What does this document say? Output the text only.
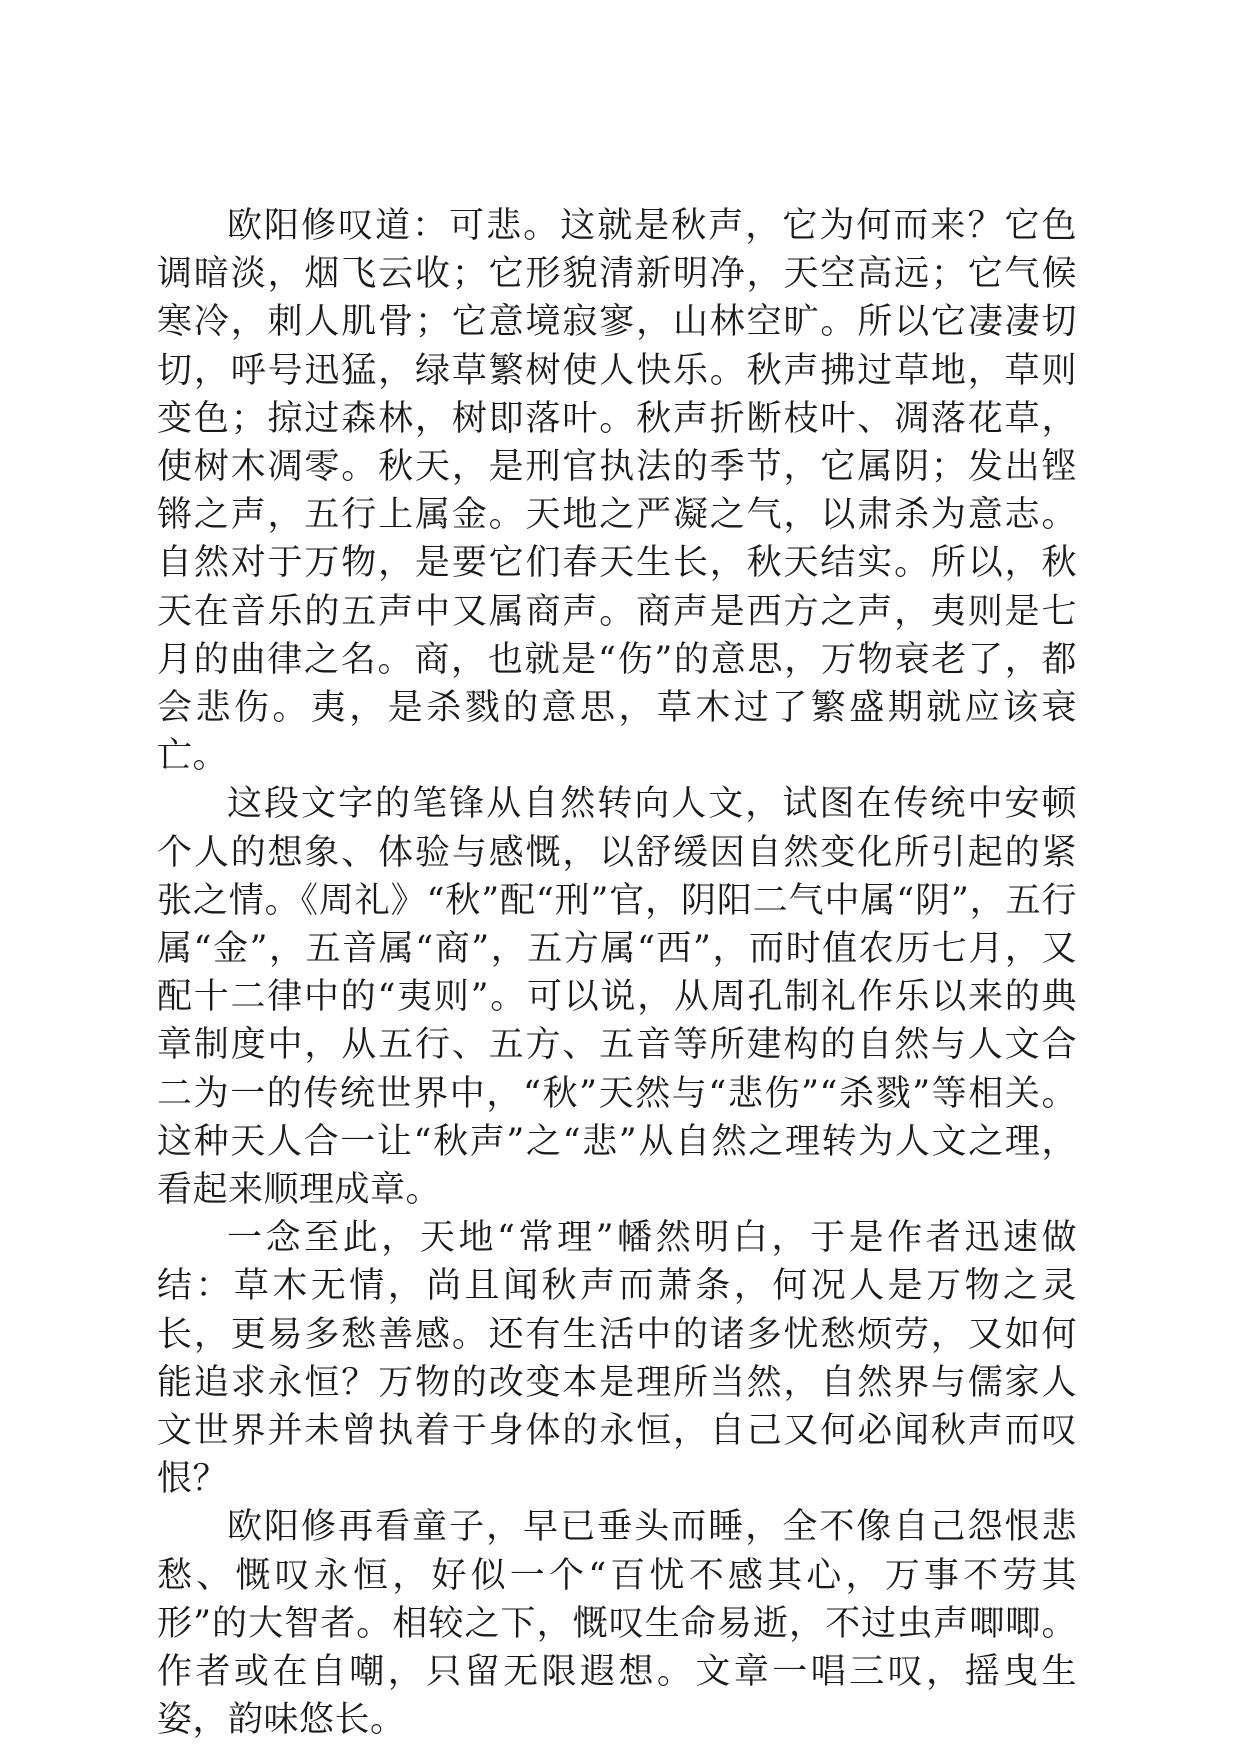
欧阳修叹道：可悲。这就是秋声，它为何而来？它色调暗淡，烟飞云收；它形貌清新明净，天空高远；它气候寒冷，刺人肌骨；它意境寂寥，山林空旷。所以它凄凄切切，呼号迅猛，绿草繁树使人快乐。秋声拂过草地，草则变色；掠过森林，树即落叶。秋声折断枝叶、凋落花草，使树木凋零。秋天，是刑官执法的季节，它属阴；发出铿锵之声，五行上属金。天地之严凝之气，以肃杀为意志。自然对于万物，是要它们春天生长，秋天结实。所以，秋天在音乐的五声中又属商声。商声是西方之声，夷则是七月的曲律之名。商，也就是“伤”的意思，万物衰老了，都会悲伤。夷，是杀戮的意思，草木过了繁盛期就应该衰亡。

这段文字的笔锋从自然转向人文，试图在传统中安顿个人的想象、体验与感慨，以舒缓因自然变化所引起的紧张之情。《周礼》“秋”配“刑”官，阴阳二气中属“阴”，五行属“金”，五音属“商”，五方属“西”，而时值农历七月，又配十二律中的“夷则”。可以说，从周孔制礼作乐以来的典章制度中，从五行、五方、五音等所建构的自然与人文合二为一的传统世界中，“秋”天然与“悲伤”“杀戮”等相关。这种天人合一让“秋声”之“悲”从自然之理转为人文之理，看起来顺理成章。

一念至此，天地“常理”幡然明白，于是作者迅速做结：草木无情，尚且闻秋声而萧条，何况人是万物之灵长，更易多愁善感。还有生活中的诸多忧愁烦劳，又如何能追求永恒？万物的改变本是理所当然，自然界与儒家人文世界并未曾执着于身体的永恒，自己又何必闻秋声而叹恨？

欧阳修再看童子，早已垂头而睡，全不像自己怨恨悲愁、慨叹永恒，好似一个“百忧不感其心，万事不劳其形”的大智者。相较之下，慨叹生命易逝，不过虫声唧唧。作者或在自嘲，只留无限遐想。文章一唱三叹，摇曳生姿，韵味悠长。
